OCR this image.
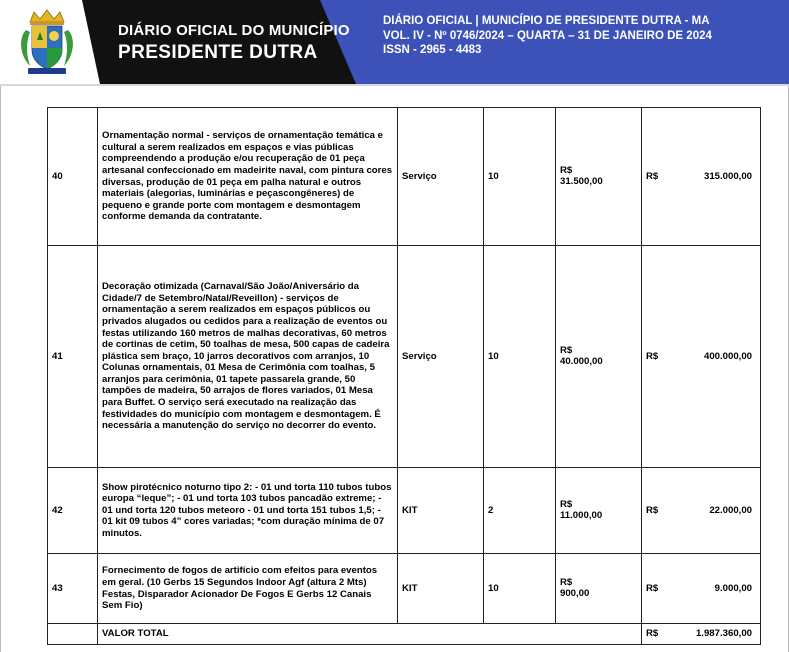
DIÁRIO OFICIAL DO MUNICÍPIO
PRESIDENTE DUTRA
DIÁRIO OFICIAL | MUNICÍPIO DE PRESIDENTE DUTRA - MA
VOL. IV - Nº 0746/2024 – QUARTA – 31 DE JANEIRO DE 2024
ISSN - 2965 - 4483
40	Ornamentação normal - serviços de ornamentação temática e cultural a serem realizados em espaços e vias públicas compreendendo a produção e/ou recuperação de 01 peça artesanal confeccionado em madeirite naval, com pintura cores diversas, produção de 01 peça em palha natural e outros materiais (alegorias, luminárias e peçascongêneres) de pequeno e grande porte com montagem e desmontagem conforme demanda da contratante.	Serviço	10	R$
31.500,00	R$ 315.000,00

41	Decoração otimizada (Carnaval/São João/Aniversário da Cidade/7 de Setembro/Natal/Reveillon) - serviços de ornamentação a serem realizados em espaços públicos ou privados alugados ou cedidos para a realização de eventos ou festas utilizando 160 metros de malhas decorativas, 60 metros de cortinas de cetim, 50 toalhas de mesa, 500 capas de cadeira plástica sem braço, 10 jarros decorativos com arranjos, 10 Colunas ornamentais, 01 Mesa de Cerimônia com toalhas, 5 arranjos para cerimônia, 01 tapete passarela grande, 50 tampões de madeira, 50 arrajos de flores variados, 01 Mesa para Buffet. O serviço será executado na realização das festividades do município com montagem e desmontagem. É necessária a manutenção do serviço no decorrer do evento.	Serviço	10	R$
40.000,00	R$ 400.000,00

42	Show pirotécnico noturno tipo 2: - 01 und torta 110 tubos tubos europa “leque”; - 01 und torta 103 tubos pancadão extreme; - 01 und torta 120 tubos meteoro - 01 und torta 151 tubos 1,5; - 01 kit 09 tubos 4” cores variadas; *com duração mínima de 07 minutos.	KIT	2	R$
11.000,00	R$ 22.000,00

43	Fornecimento de fogos de artifício com efeitos para eventos em geral. (10 Gerbs 15 Segundos Indoor Agf (altura 2 Mts) Festas, Disparador Acionador De Fogos E Gerbs 12 Canais Sem Fio)	KIT	10	R$
900,00	R$ 9.000,00

	VALOR TOTAL				R$ 1.987.360,00
